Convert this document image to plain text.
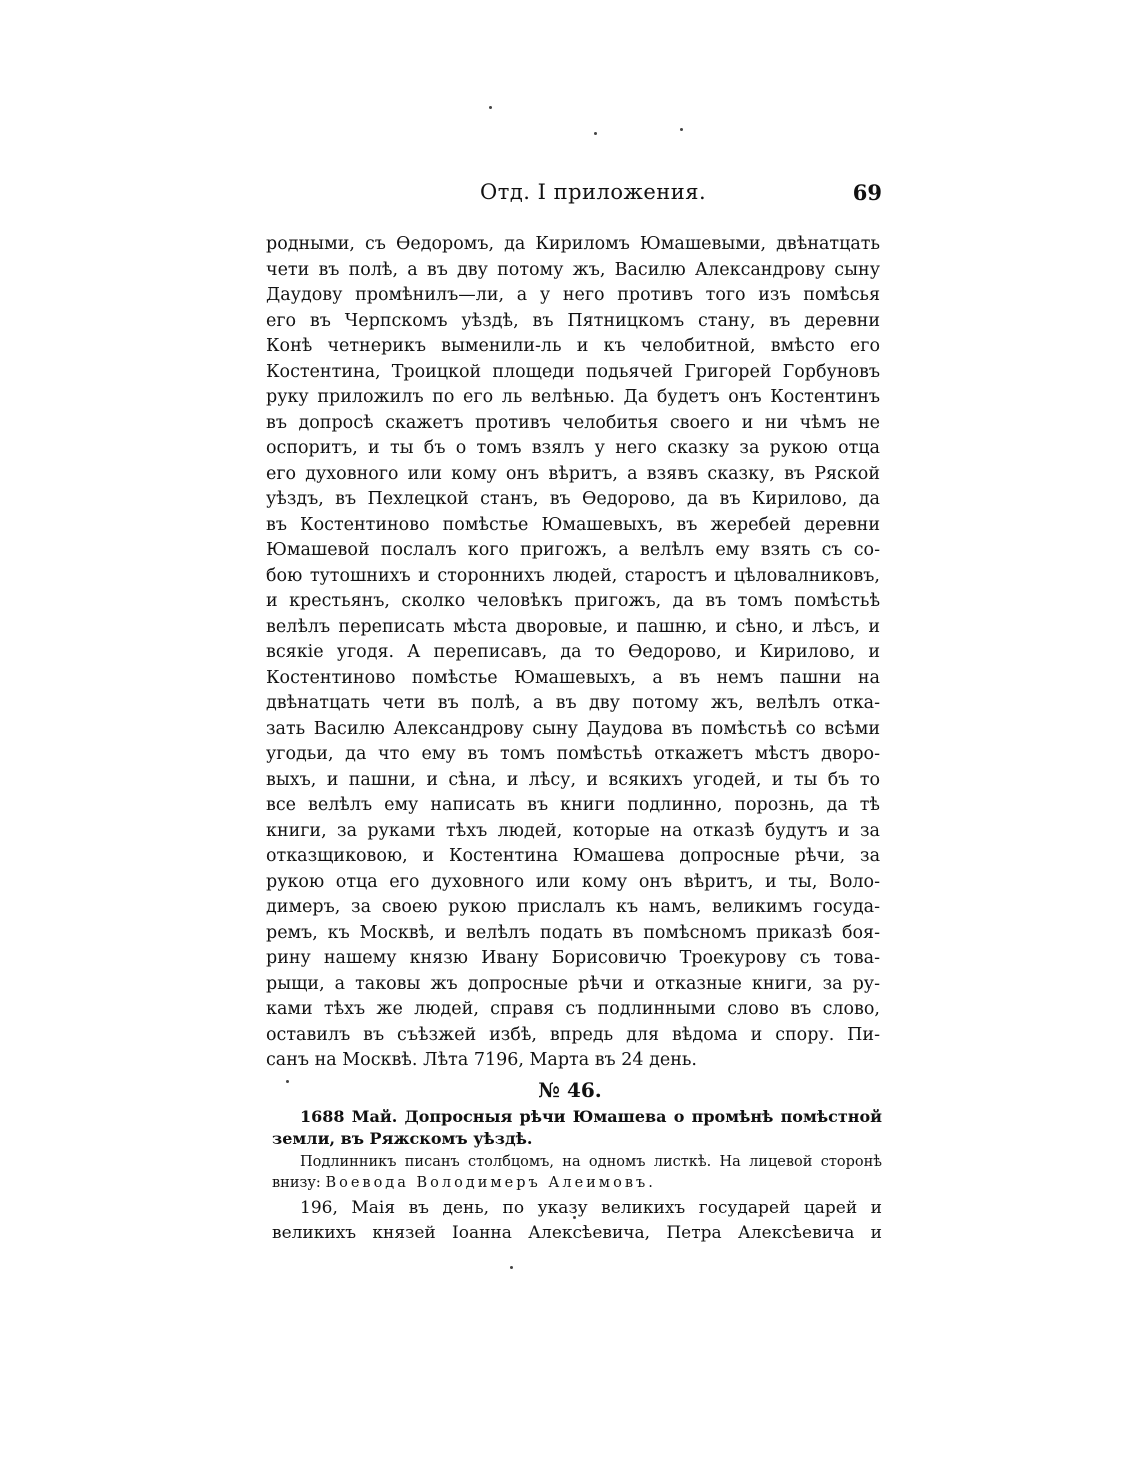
Отд. I приложения.	69
родными, съ Өедоромъ, да Кириломъ Юмашевыми, двѣнатцать
чети въ полѣ, а въ дву потому жъ, Василю Александрову сыну
Даудову промѣнилъ—ли, а у него противъ того изъ помѣсья
его въ Черпскомъ уѣздѣ, въ Пятницкомъ стану, въ деревни
Конѣ четнерикъ выменили-ль и къ челобитной, вмѣсто его
Костентина, Троицкой площеди подьячей Григорей Горбуновъ
руку приложилъ по его ль велѣнью. Да будетъ онъ Костентинъ
въ допросѣ скажетъ противъ челобитья своего и ни чѣмъ не
оспоритъ, и ты бъ о томъ взялъ у него сказку за рукою отца
его духовного или кому онъ вѣритъ, а взявъ сказку, въ Ряской
уѣздъ, въ Пехлецкой станъ, въ Өедорово, да въ Кирилово, да
въ Костентиново помѣстье Юмашевыхъ, въ жеребей деревни
Юмашевой послалъ кого пригожъ, а велѣлъ ему взять съ со-
бою тутошнихъ и стороннихъ людей, старостъ и цѣловалниковъ,
и крестьянъ, сколко человѣкъ пригожъ, да въ томъ помѣстьѣ
велѣлъ переписать мѣста дворовые, и пашню, и сѣно, и лѣсъ, и
всякіе угодя. А переписавъ, да то Өедорово, и Кирилово, и
Костентиново помѣстье Юмашевыхъ, а въ немъ пашни на
двѣнатцать чети въ полѣ, а въ дву потому жъ, велѣлъ отка-
зать Василю Александрову сыну Даудова въ помѣстьѣ со всѣми
угодьи, да что ему въ томъ помѣстьѣ откажетъ мѣстъ дворо-
выхъ, и пашни, и сѣна, и лѣсу, и всякихъ угодей, и ты бъ то
все велѣлъ ему написать въ книги подлинно, порознь, да тѣ
книги, за руками тѣхъ людей, которые на отказѣ будутъ и за
отказщиковою, и Костентина Юмашева допросные рѣчи, за
рукою отца его духовного или кому онъ вѣритъ, и ты, Воло-
димеръ, за своею рукою прислалъ къ намъ, великимъ госуда-
ремъ, къ Москвѣ, и велѣлъ подать въ помѣсномъ приказѣ боя-
рину нашему князю Ивану Борисовичю Троекурову съ това-
рыщи, а таковы жъ допросные рѣчи и отказные книги, за ру-
ками тѣхъ же людей, справя съ подлинными слово въ слово,
оставилъ въ съѣзжей избѣ, впредь для вѣдома и спору. Пи-
санъ на Москвѣ. Лѣта 7196, Марта въ 24 день.
№ 46.
1688 Май. Допросныя рѣчи Юмашева о промѣнѣ помѣстной
земли, въ Ряжскомъ уѣздѣ.
Подлинникъ писанъ столбцомъ, на одномъ листкѣ. На лицевой сторонѣ
внизу: Воевода Володимеръ Алеимовъ.
196, Маія въ день, по указу великихъ государей царей и
великихъ князей Іоанна Алексѣевича, Петра Алексѣевича и
